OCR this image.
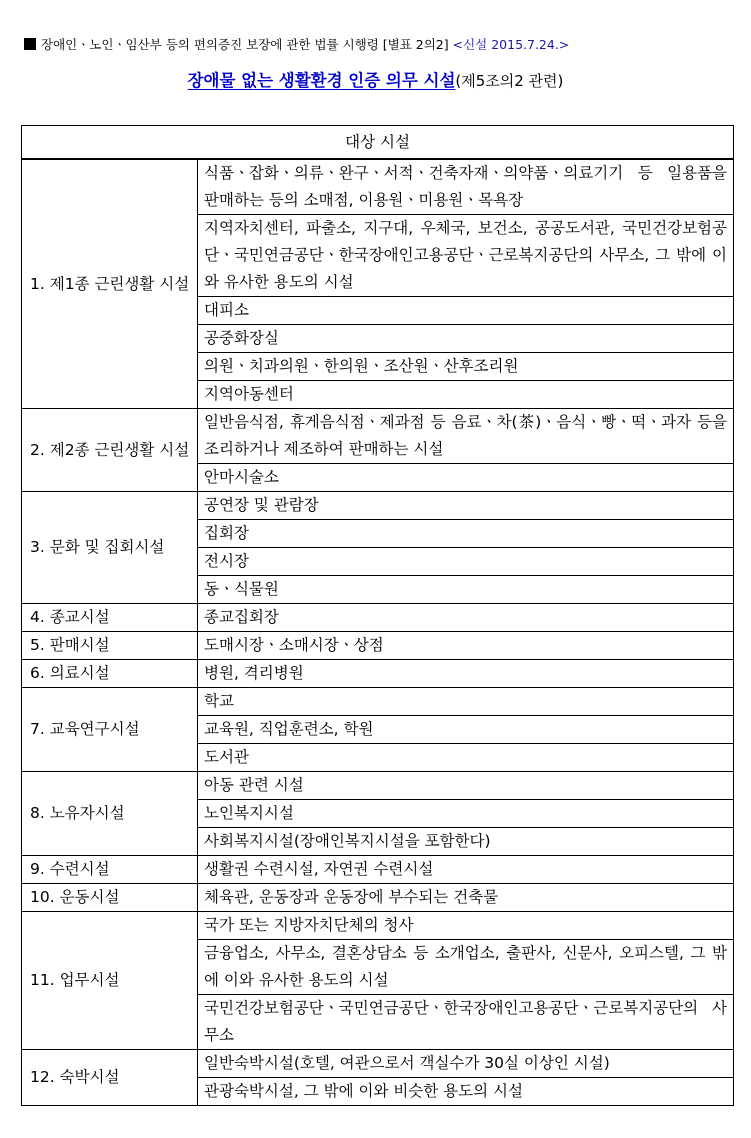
장애인ㆍ노인ㆍ임산부 등의 편의증진 보장에 관한 법률 시행령 [별표 2의2] <신설 2015.7.24.>
장애물 없는 생활환경 인증 의무 시설(제5조의2 관련)
대상 시설	
1. 제1종 근린생활 시설	식품ㆍ잡화ㆍ의류ㆍ완구ㆍ서적ㆍ건축자재ㆍ의약품ㆍ의료기기 등 일용품을 판매하는 등의 소매점, 이용원ㆍ미용원ㆍ목욕장
	지역자치센터, 파출소, 지구대, 우체국, 보건소, 공공도서관, 국민건강보험공단ㆍ국민연금공단ㆍ한국장애인고용공단ㆍ근로복지공단의 사무소, 그 밖에 이와 유사한 용도의 시설
	대피소
	공중화장실
	의원ㆍ치과의원ㆍ한의원ㆍ조산원ㆍ산후조리원
	지역아동센터
2. 제2종 근린생활 시설	일반음식점, 휴게음식점ㆍ제과점 등 음료ㆍ차(茶)ㆍ음식ㆍ빵ㆍ떡ㆍ과자 등을 조리하거나 제조하여 판매하는 시설
	안마시술소
3. 문화 및 집회시설	공연장 및 관람장
	집회장
	전시장
	동ㆍ식물원
4. 종교시설	종교집회장
5. 판매시설	도매시장ㆍ소매시장ㆍ상점
6. 의료시설	병원, 격리병원
7. 교육연구시설	학교
	교육원, 직업훈련소, 학원
	도서관
8. 노유자시설	아동 관련 시설
	노인복지시설
	사회복지시설(장애인복지시설을 포함한다)
9. 수련시설	생활권 수련시설, 자연권 수련시설
10. 운동시설	체육관, 운동장과 운동장에 부수되는 건축물
11. 업무시설	국가 또는 지방자치단체의 청사
	금융업소, 사무소, 결혼상담소 등 소개업소, 출판사, 신문사, 오피스텔, 그 밖에 이와 유사한 용도의 시설
	국민건강보험공단ㆍ국민연금공단ㆍ한국장애인고용공단ㆍ근로복지공단의 사무소
12. 숙박시설	일반숙박시설(호텔, 여관으로서 객실수가 30실 이상인 시설)
	관광숙박시설, 그 밖에 이와 비슷한 용도의 시설
